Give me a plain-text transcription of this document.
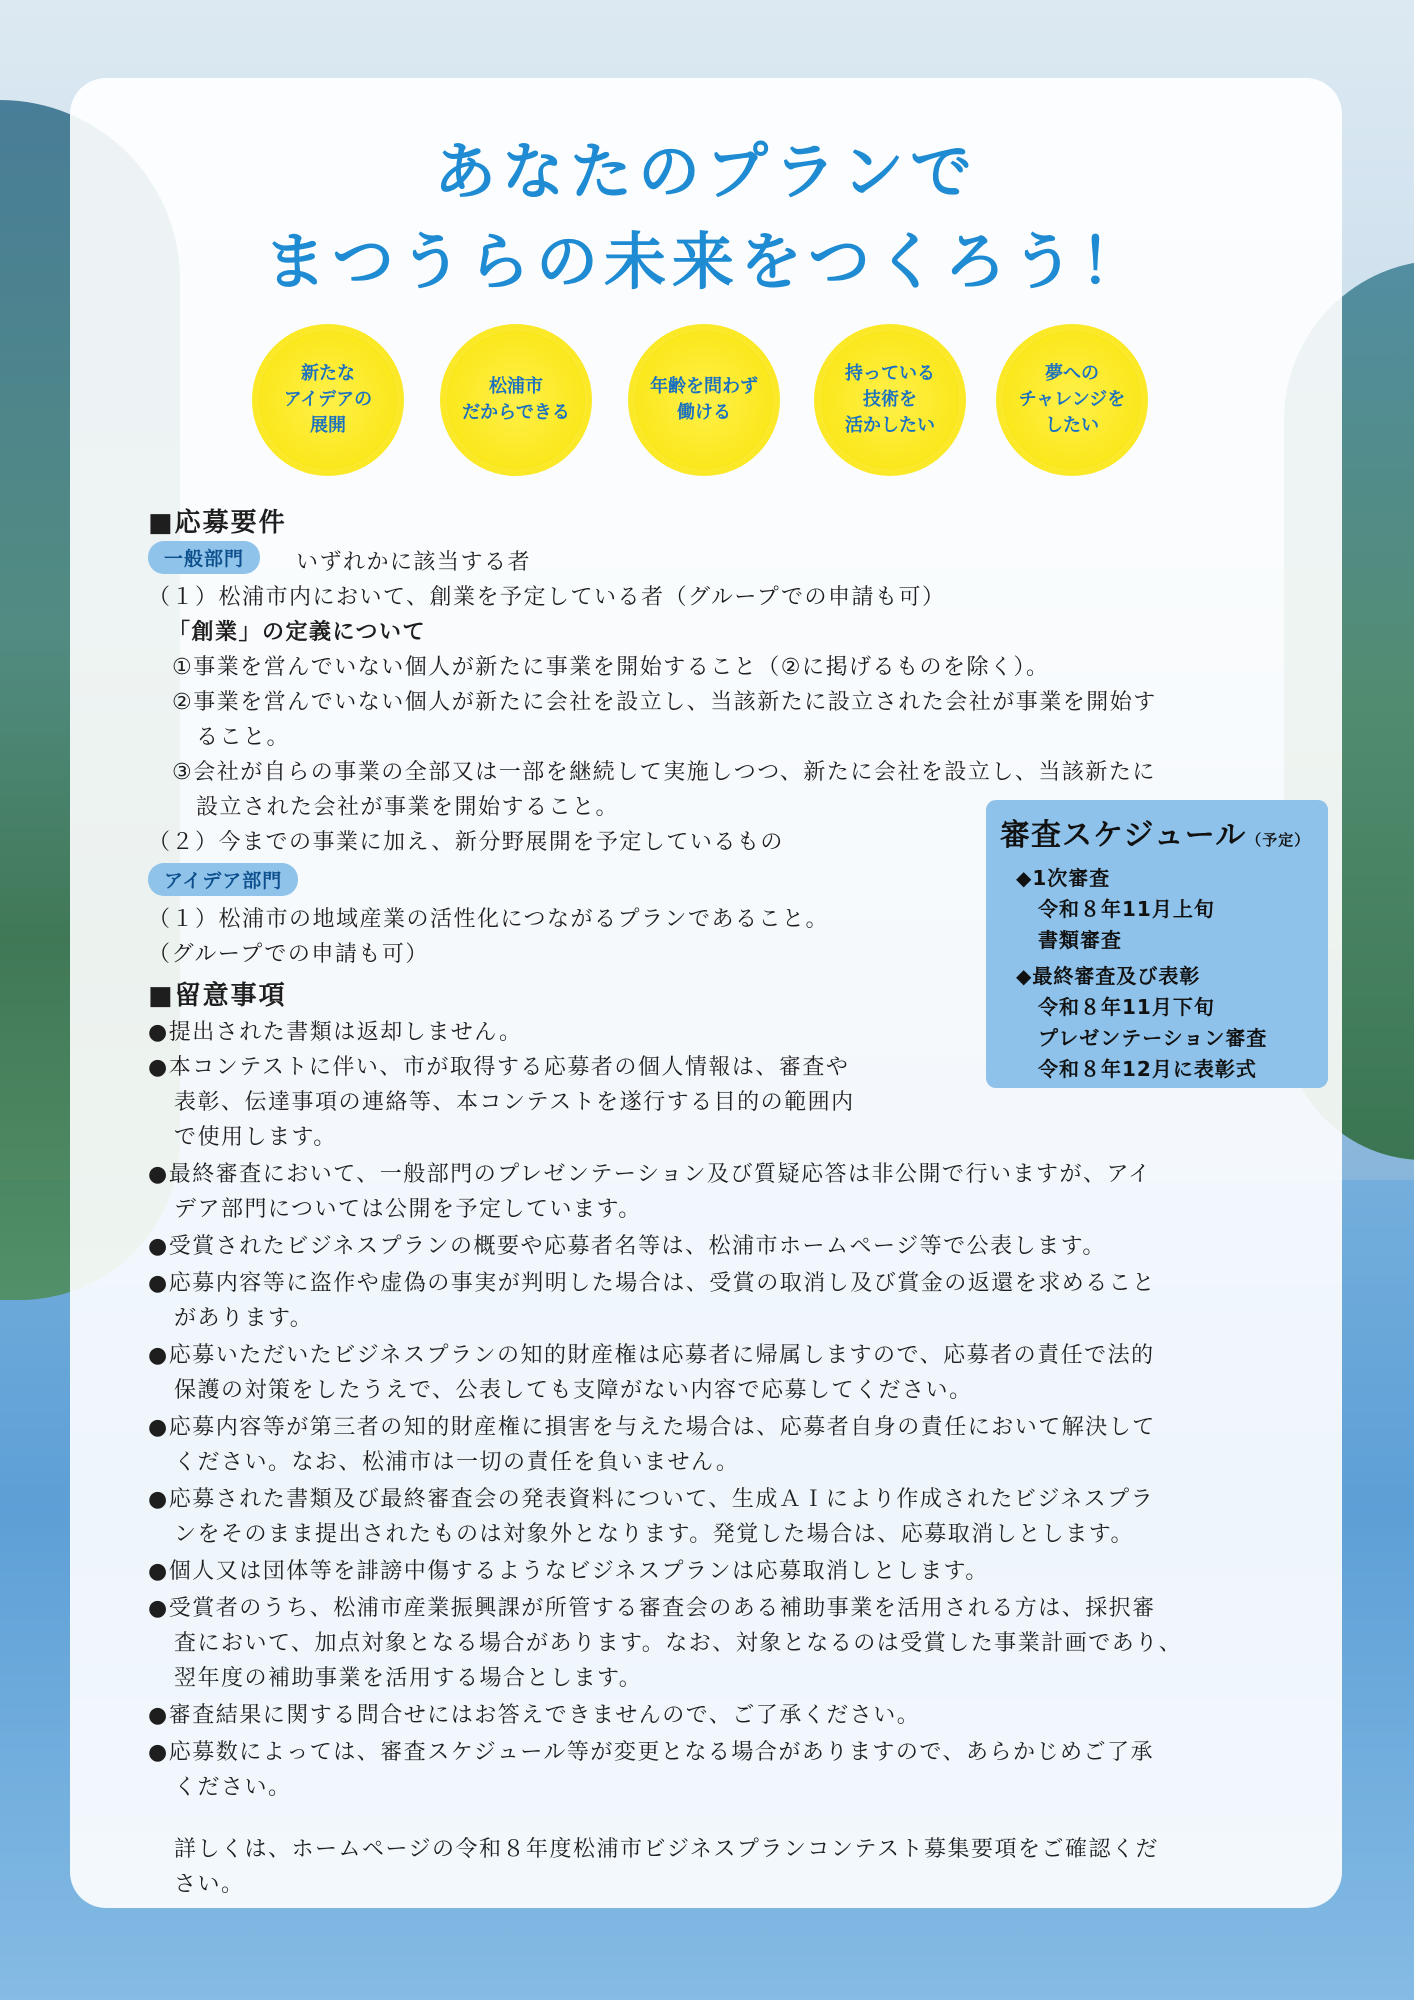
あなたのプランで
まつうらの未来をつくろう！
新たな
アイデアの
展開
松浦市
だからできる
年齢を問わず
働ける
持っている
技術を
活かしたい
夢への
チャレンジを
したい
■応募要件
一般部門	いずれかに該当する者
（１）松浦市内において、創業を予定している者（グループでの申請も可）
「創業」の定義について
①事業を営んでいない個人が新たに事業を開始すること（②に掲げるものを除く）。
②事業を営んでいない個人が新たに会社を設立し、当該新たに設立された会社が事業を開始す
ること。
③会社が自らの事業の全部又は一部を継続して実施しつつ、新たに会社を設立し、当該新たに
設立された会社が事業を開始すること。
（２）今までの事業に加え、新分野展開を予定しているもの
アイデア部門
（１）松浦市の地域産業の活性化につながるプランであること。
（グループでの申請も可）
審査スケジュール（予定）
◆1次審査
令和８年11月上旬
書類審査
◆最終審査及び表彰
令和８年11月下旬
プレゼンテーション審査
令和８年12月に表彰式
■留意事項
●提出された書類は返却しません。
●本コンテストに伴い、市が取得する応募者の個人情報は、審査や
表彰、伝達事項の連絡等、本コンテストを遂行する目的の範囲内
で使用します。
●最終審査において、一般部門のプレゼンテーション及び質疑応答は非公開で行いますが、アイ
デア部門については公開を予定しています。
●受賞されたビジネスプランの概要や応募者名等は、松浦市ホームページ等で公表します。
●応募内容等に盗作や虚偽の事実が判明した場合は、受賞の取消し及び賞金の返還を求めること
があります。
●応募いただいたビジネスプランの知的財産権は応募者に帰属しますので、応募者の責任で法的
保護の対策をしたうえで、公表しても支障がない内容で応募してください。
●応募内容等が第三者の知的財産権に損害を与えた場合は、応募者自身の責任において解決して
ください。なお、松浦市は一切の責任を負いません。
●応募された書類及び最終審査会の発表資料について、生成ＡＩにより作成されたビジネスプラ
ンをそのまま提出されたものは対象外となります。発覚した場合は、応募取消しとします。
●個人又は団体等を誹謗中傷するようなビジネスプランは応募取消しとします。
●受賞者のうち、松浦市産業振興課が所管する審査会のある補助事業を活用される方は、採択審
査において、加点対象となる場合があります。なお、対象となるのは受賞した事業計画であり、
翌年度の補助事業を活用する場合とします。
●審査結果に関する問合せにはお答えできませんので、ご了承ください。
●応募数によっては、審査スケジュール等が変更となる場合がありますので、あらかじめご了承
ください。
詳しくは、ホームページの令和８年度松浦市ビジネスプランコンテスト募集要項をご確認くだ
さい。
